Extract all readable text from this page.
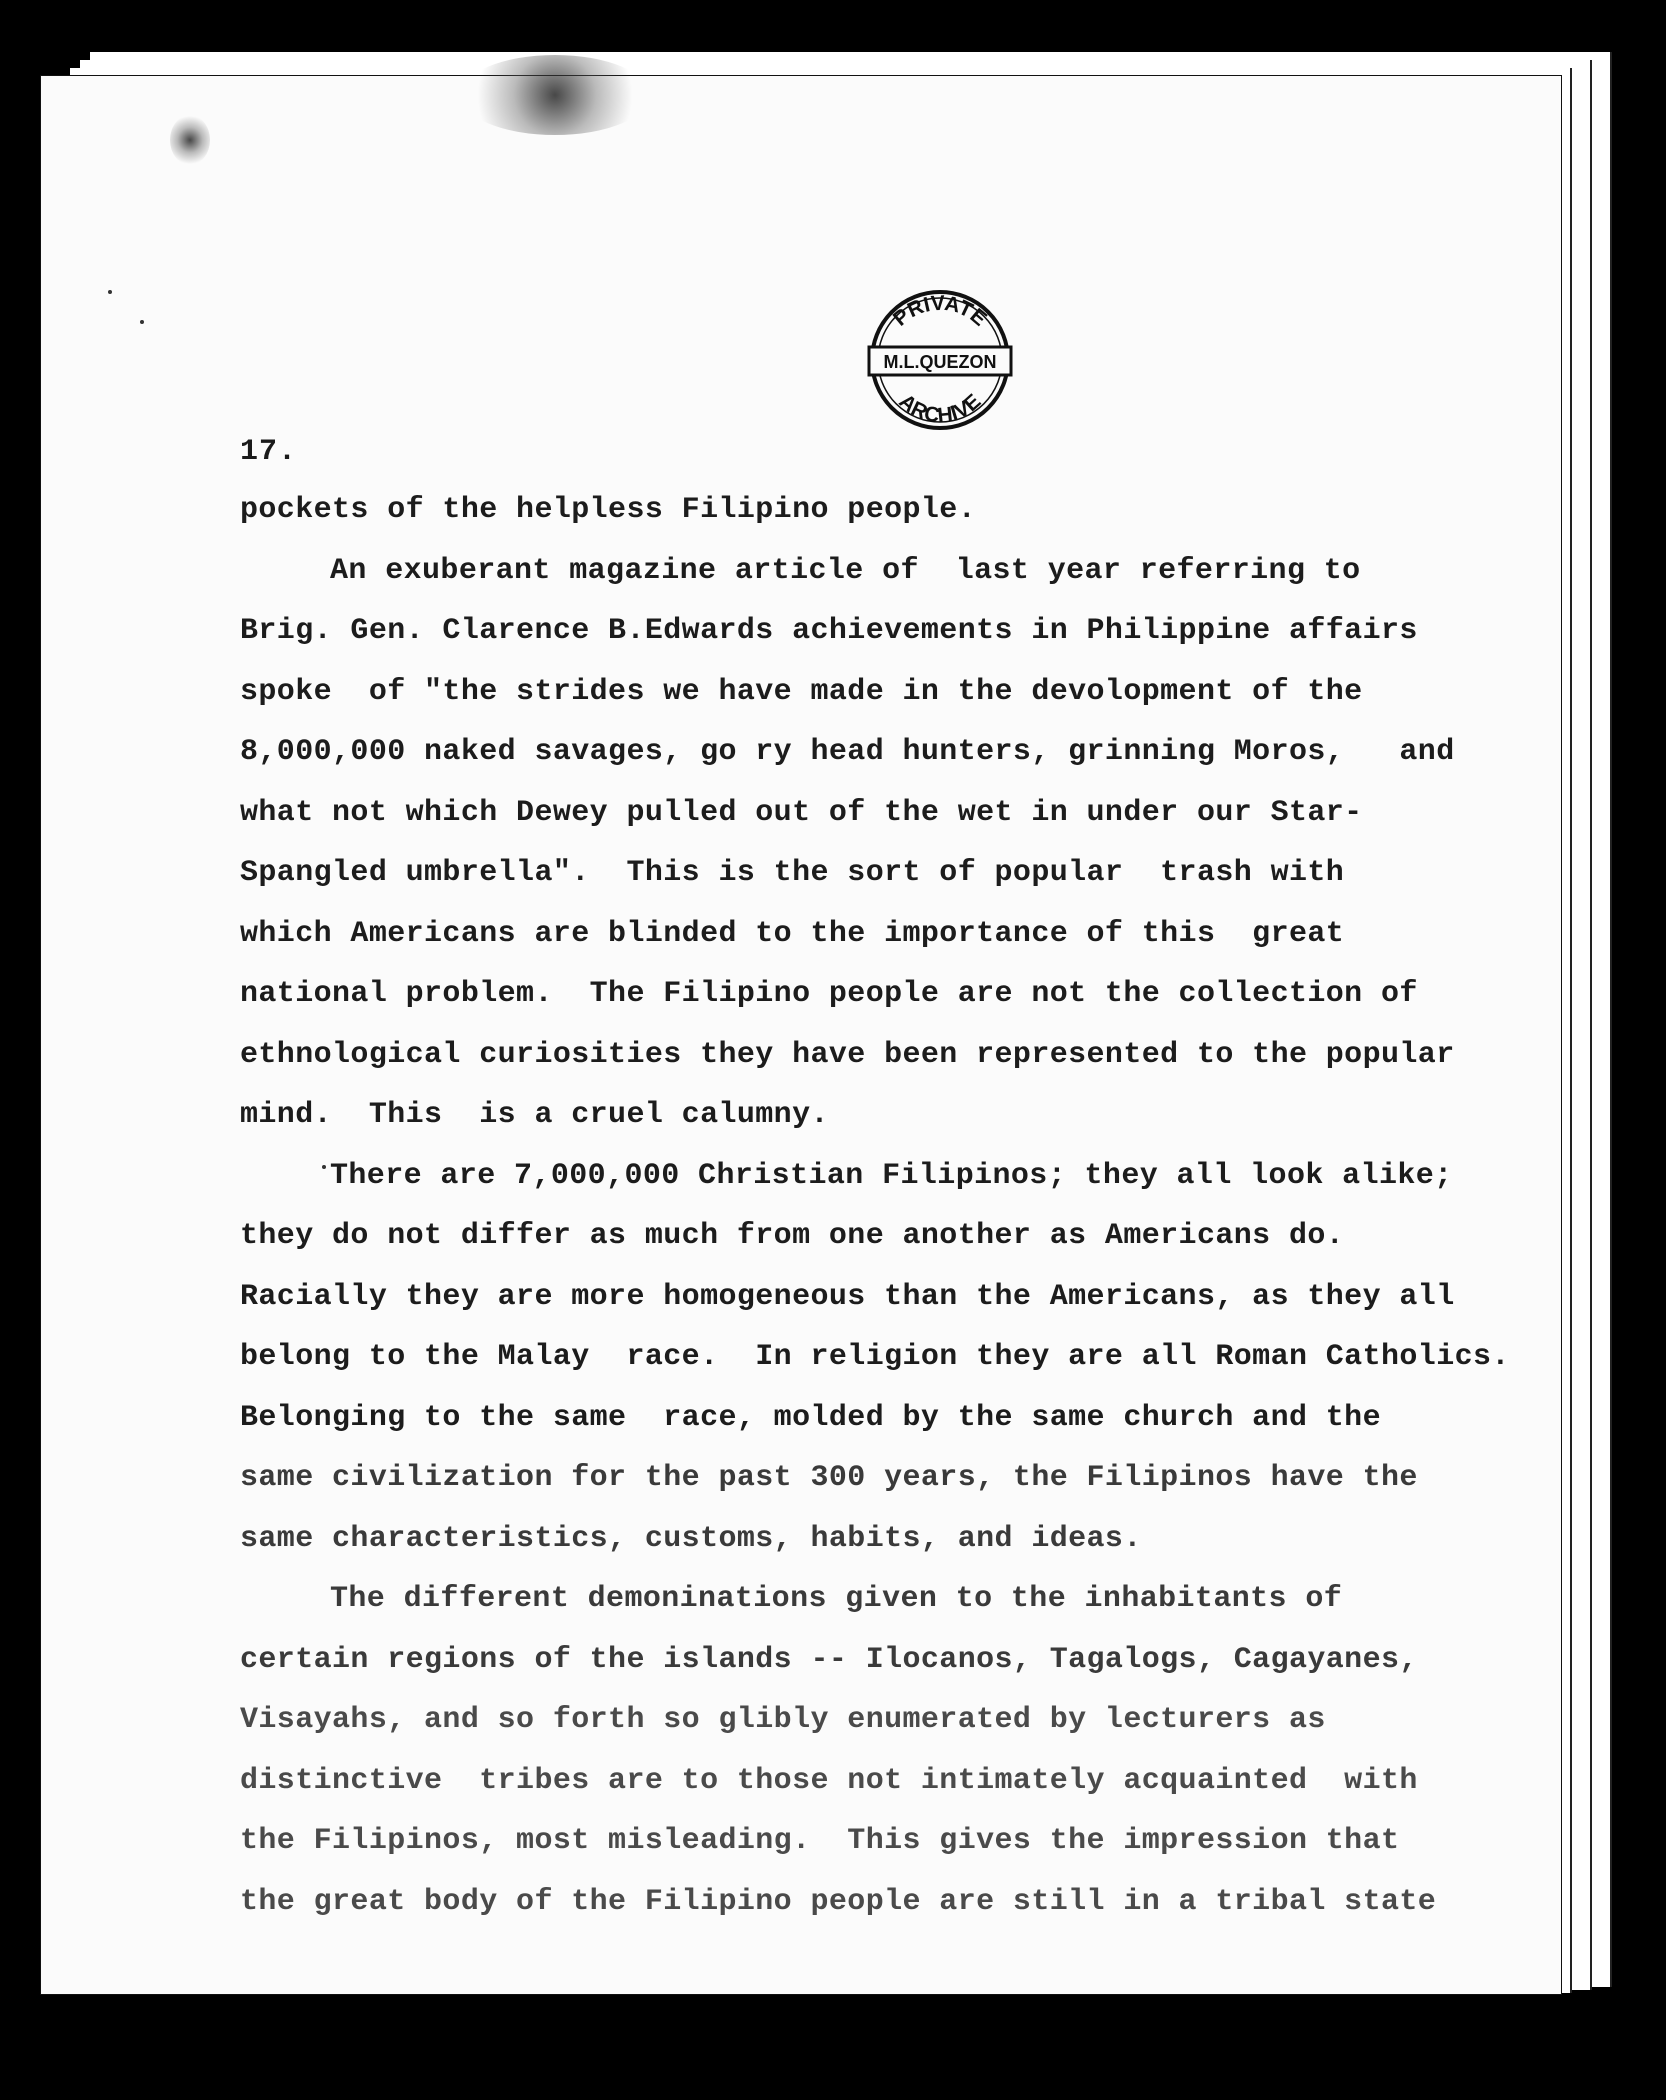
PRIVATE
M.L.QUEZON
ARCHIVE
17.
pockets of the helpless Filipino people.
An exuberant magazine article of  last year referring to
Brig. Gen. Clarence B.Edwards achievements in Philippine affairs
spoke  of "the strides we have made in the devolopment of the
8,000,000 naked savages, go ry head hunters, grinning Moros,   and
what not which Dewey pulled out of the wet in under our Star-
Spangled umbrella".  This is the sort of popular  trash with
which Americans are blinded to the importance of this  great
national problem.  The Filipino people are not the collection of
ethnological curiosities they have been represented to the popular
mind.  This  is a cruel calumny.
There are 7,000,000 Christian Filipinos; they all look alike;
they do not differ as much from one another as Americans do.
Racially they are more homogeneous than the Americans, as they all
belong to the Malay  race.  In religion they are all Roman Catholics.
Belonging to the same  race, molded by the same church and the
same civilization for the past 300 years, the Filipinos have the
same characteristics, customs, habits, and ideas.
The different demoninations given to the inhabitants of
certain regions of the islands -- Ilocanos, Tagalogs, Cagayanes,
Visayahs, and so forth so glibly enumerated by lecturers as
distinctive  tribes are to those not intimately acquainted  with
the Filipinos, most misleading.  This gives the impression that
the great body of the Filipino people are still in a tribal state
